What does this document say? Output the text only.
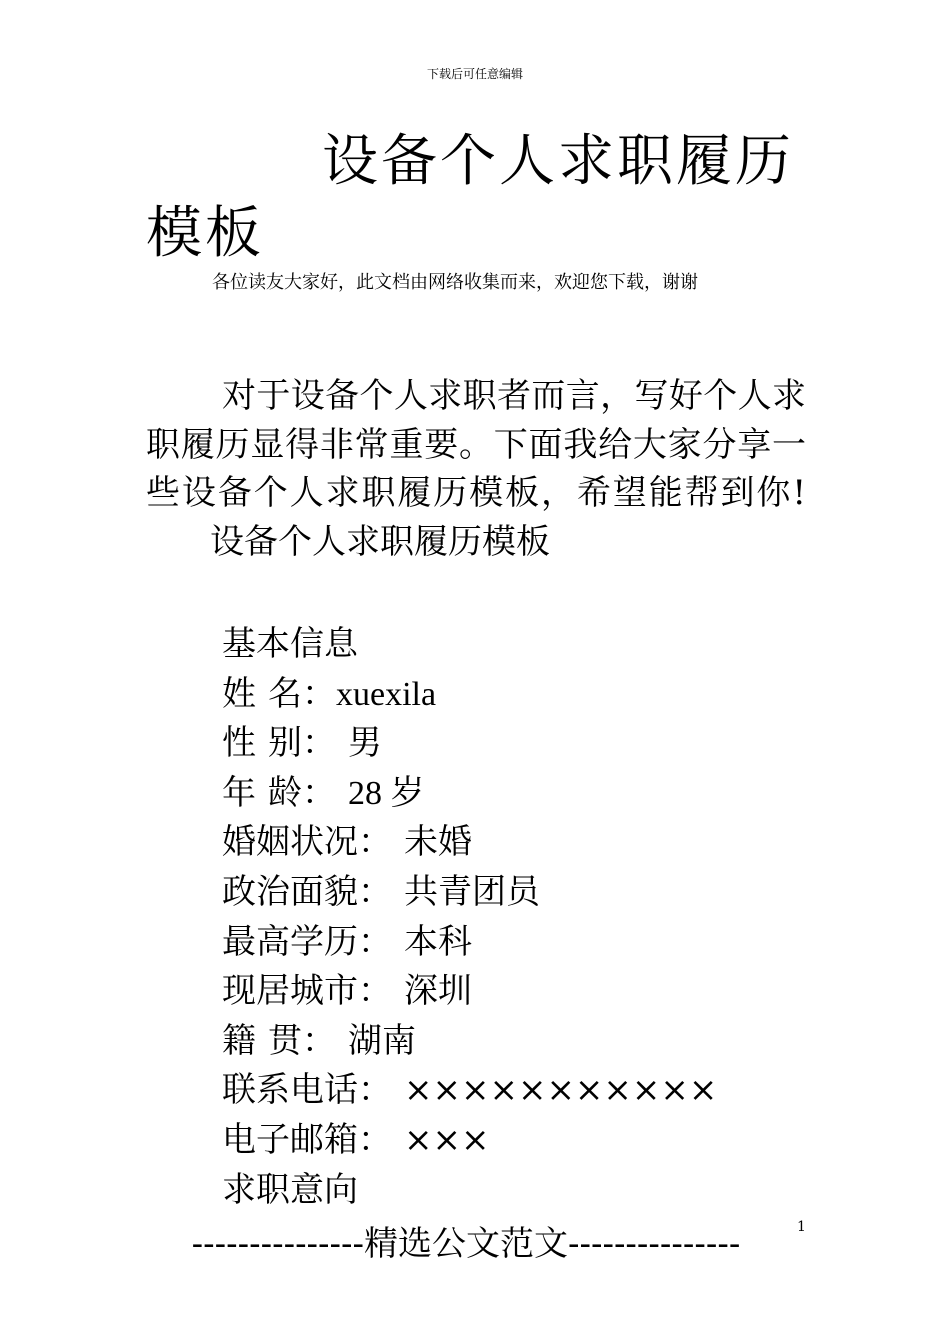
下载后可任意编辑
设备个人求职履历模板
各位读友大家好，此文档由网络收集而来，欢迎您下载，谢谢
对于设备个人求职者而言，写好个人求职履历显得非常重要。下面我给大家分享一些设备个人求职履历模板，希望能帮到你!设备个人求职履历模板
基本信息
姓 名：xuexila
性 别： 男
年 龄： 28 岁
婚姻状况： 未婚
政治面貌： 共青团员
最高学历： 本科
现居城市： 深圳
籍 贯： 湖南
联系电话： ×××××××××××
电子邮箱： ×××
求职意向
---------------精选公文范文---------------	1
